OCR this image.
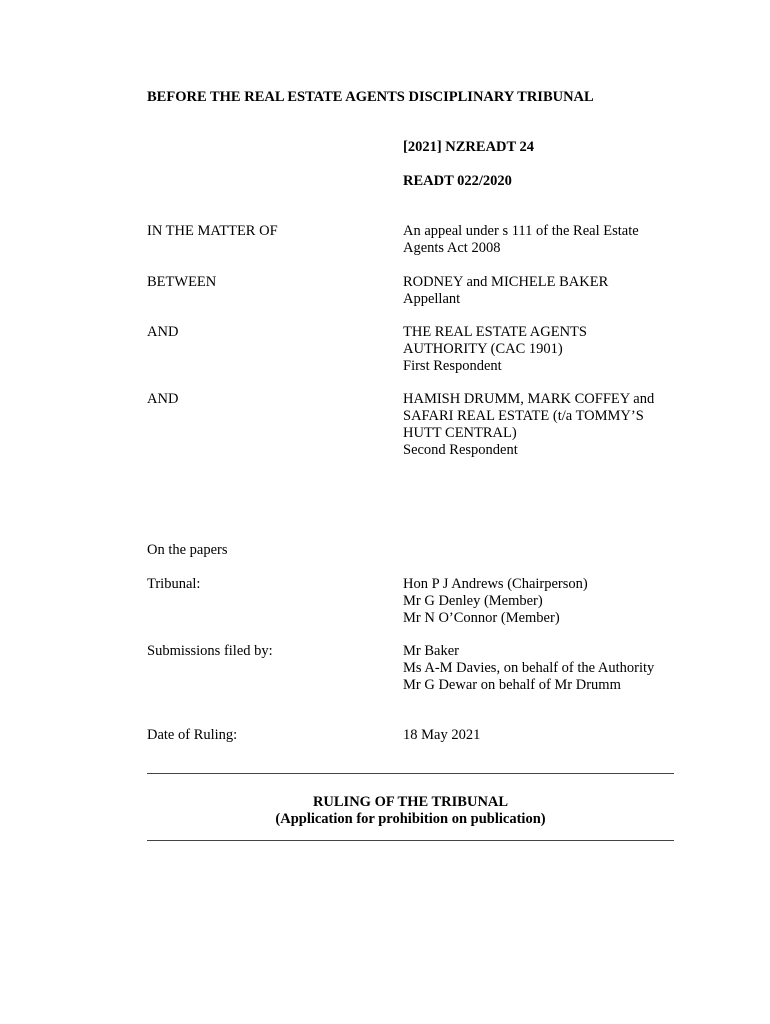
BEFORE THE REAL ESTATE AGENTS DISCIPLINARY TRIBUNAL
[2021] NZREADT 24
READT 022/2020
IN THE MATTER OF	An appeal under s 111 of the Real Estate
Agents Act 2008
BETWEEN	RODNEY and MICHELE BAKER
Appellant
AND	THE REAL ESTATE AGENTS
AUTHORITY (CAC 1901)
First Respondent
AND	HAMISH DRUMM, MARK COFFEY and
SAFARI REAL ESTATE (t/a TOMMY’S
HUTT CENTRAL)
Second Respondent
On the papers
Tribunal:	Hon P J Andrews (Chairperson)
Mr G Denley (Member)
Mr N O’Connor (Member)
Submissions filed by:	Mr Baker
Ms A-M Davies, on behalf of the Authority
Mr G Dewar on behalf of Mr Drumm
Date of Ruling:	18 May 2021
RULING OF THE TRIBUNAL
(Application for prohibition on publication)
